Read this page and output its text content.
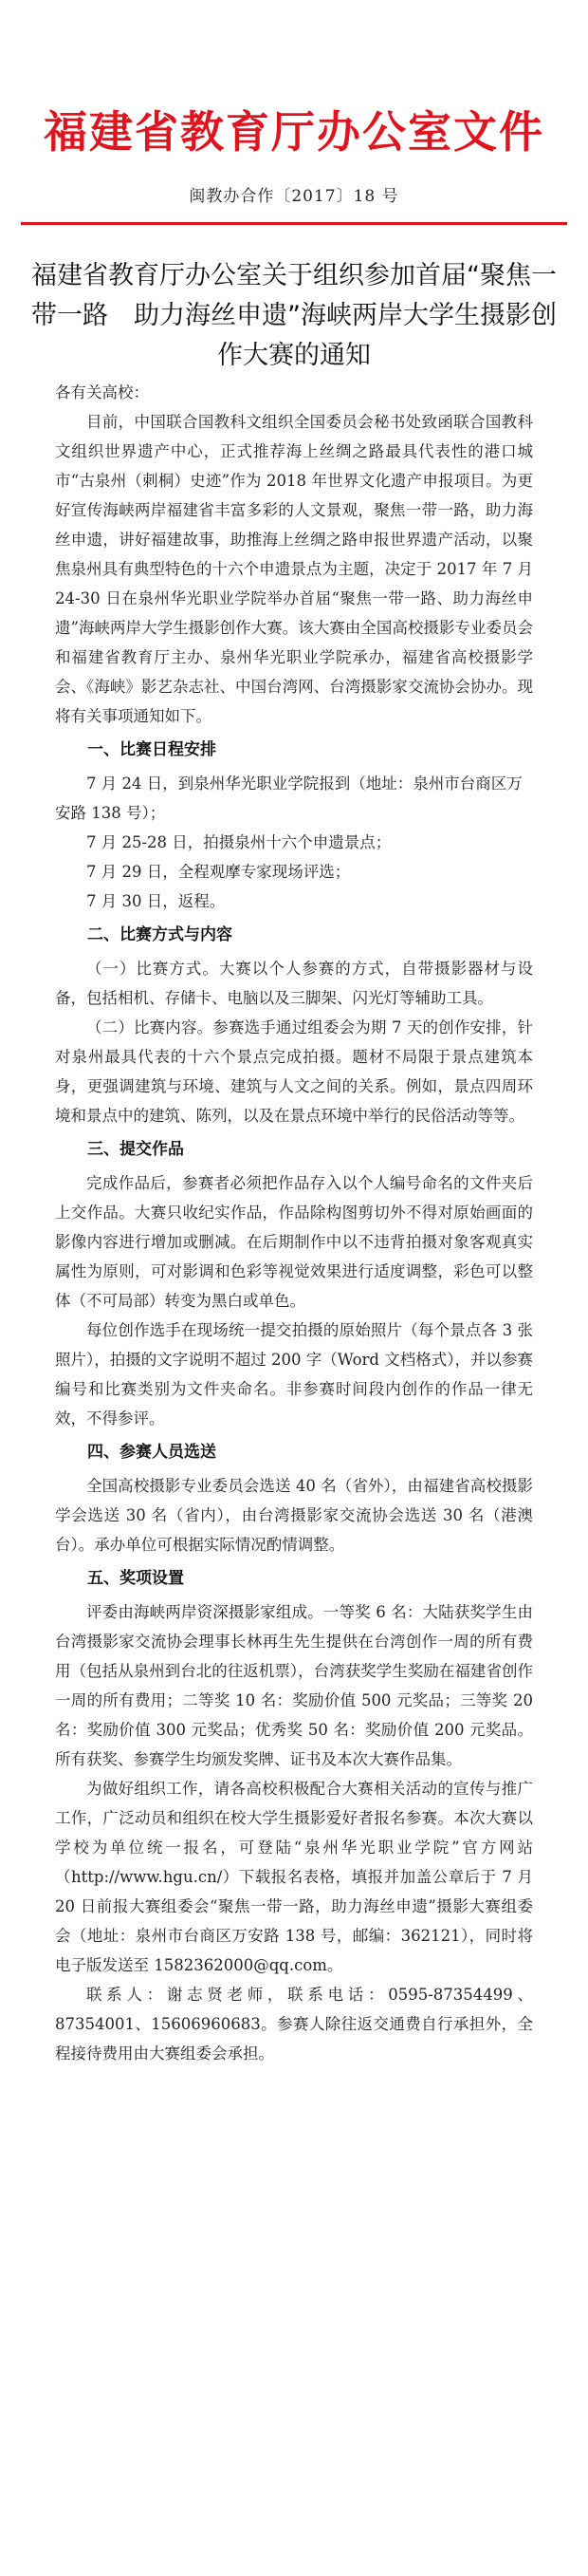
福建省教育厅办公室文件
闽教办合作〔2017〕18 号
福建省教育厅办公室关于组织参加首届“聚焦一带一路　助力海丝申遗”海峡两岸大学生摄影创作大赛的通知

各有关高校：

目前，中国联合国教科文组织全国委员会秘书处致函联合国教科文组织世界遗产中心，正式推荐海上丝绸之路最具代表性的港口城市“古泉州（刺桐）史迹”作为 2018 年世界文化遗产申报项目。为更好宣传海峡两岸福建省丰富多彩的人文景观，聚焦一带一路，助力海丝申遗，讲好福建故事，助推海上丝绸之路申报世界遗产活动，以聚焦泉州具有典型特色的十六个申遗景点为主题，决定于 2017 年 7 月 24-30 日在泉州华光职业学院举办首届“聚焦一带一路、助力海丝申遗”海峡两岸大学生摄影创作大赛。该大赛由全国高校摄影专业委员会和福建省教育厅主办、泉州华光职业学院承办，福建省高校摄影学会、《海峡》影艺杂志社、中国台湾网、台湾摄影家交流协会协办。现将有关事项通知如下。

一、比赛日程安排

7 月 24 日，到泉州华光职业学院报到（地址：泉州市台商区万安路 138 号）；

7 月 25-28 日，拍摄泉州十六个申遗景点；

7 月 29 日，全程观摩专家现场评选；

7 月 30 日，返程。

二、比赛方式与内容

（一）比赛方式。大赛以个人参赛的方式，自带摄影器材与设备，包括相机、存储卡、电脑以及三脚架、闪光灯等辅助工具。

（二）比赛内容。参赛选手通过组委会为期 7 天的创作安排，针对泉州最具代表的十六个景点完成拍摄。题材不局限于景点建筑本身，更强调建筑与环境、建筑与人文之间的关系。例如，景点四周环境和景点中的建筑、陈列，以及在景点环境中举行的民俗活动等等。

三、提交作品

完成作品后，参赛者必须把作品存入以个人编号命名的文件夹后上交作品。大赛只收纪实作品，作品除构图剪切外不得对原始画面的影像内容进行增加或删减。在后期制作中以不违背拍摄对象客观真实属性为原则，可对影调和色彩等视觉效果进行适度调整，彩色可以整体（不可局部）转变为黑白或单色。

每位创作选手在现场统一提交拍摄的原始照片（每个景点各 3 张照片），拍摄的文字说明不超过 200 字（Word 文档格式），并以参赛编号和比赛类别为文件夹命名。非参赛时间段内创作的作品一律无效，不得参评。

四、参赛人员选送

全国高校摄影专业委员会选送 40 名（省外），由福建省高校摄影学会选送 30 名（省内），由台湾摄影家交流协会选送 30 名（港澳台）。承办单位可根据实际情况酌情调整。

五、奖项设置

评委由海峡两岸资深摄影家组成。一等奖 6 名：大陆获奖学生由台湾摄影家交流协会理事长林再生先生提供在台湾创作一周的所有费用（包括从泉州到台北的往返机票），台湾获奖学生奖励在福建省创作一周的所有费用；二等奖 10 名：奖励价值 500 元奖品；三等奖 20 名：奖励价值 300 元奖品；优秀奖 50 名：奖励价值 200 元奖品。所有获奖、参赛学生均颁发奖牌、证书及本次大赛作品集。

为做好组织工作，请各高校积极配合大赛相关活动的宣传与推广工作，广泛动员和组织在校大学生摄影爱好者报名参赛。本次大赛以学校为单位统一报名，可登陆“泉州华光职业学院”官方网站（http://www.hgu.cn/）下载报名表格，填报并加盖公章后于 7 月 20 日前报大赛组委会“聚焦一带一路，助力海丝申遗”摄影大赛组委会（地址：泉州市台商区万安路 138 号，邮编：362121），同时将电子版发送至 1582362000@qq.com。

联系人：谢志贤老师，联系电话：0595-87354499、87354001、15606960683。参赛人除往返交通费自行承担外，全程接待费用由大赛组委会承担。
